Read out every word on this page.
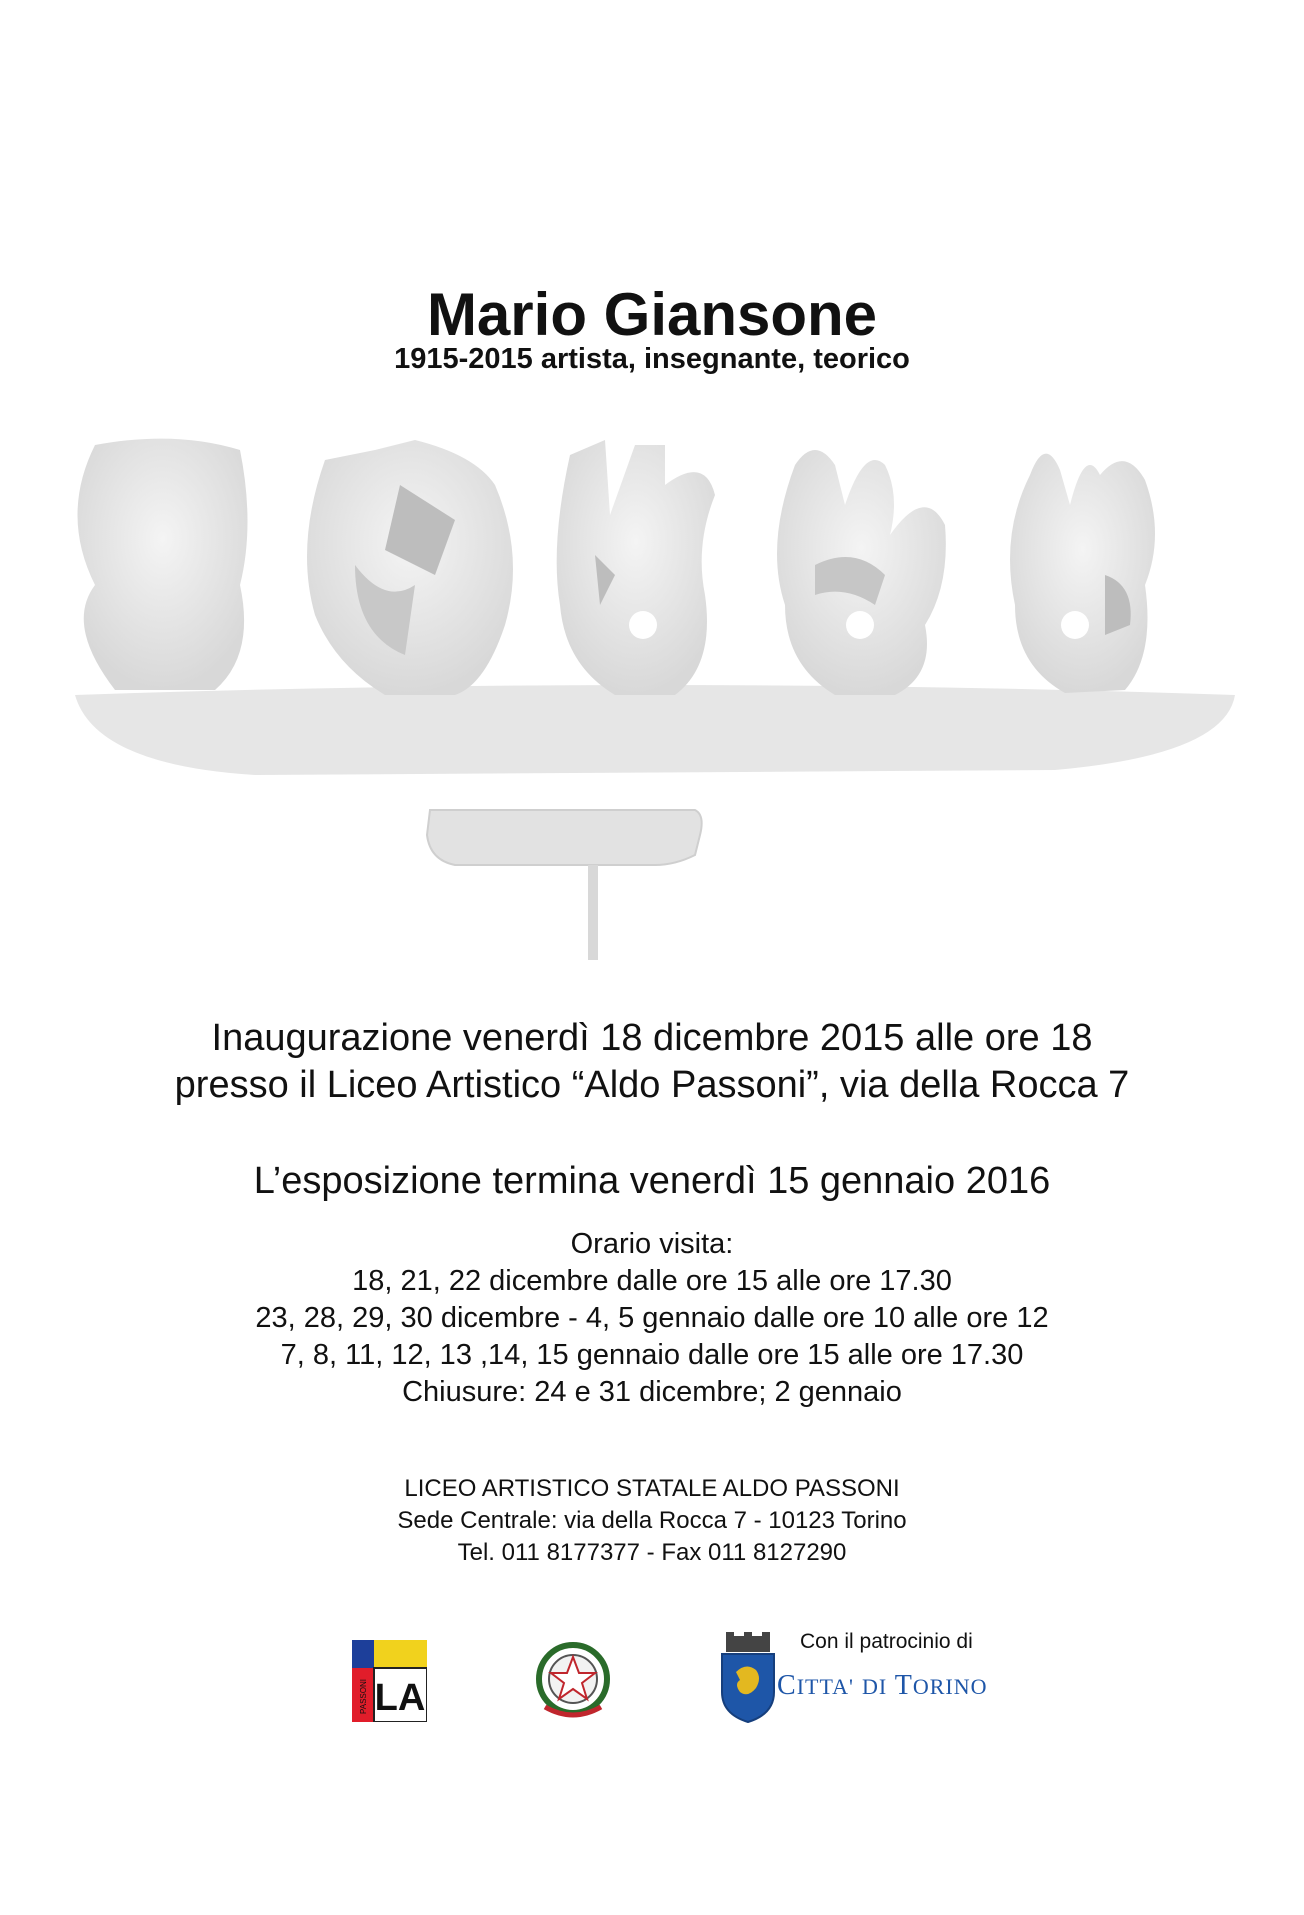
Mario Giansone
1915-2015 artista, insegnante, teorico
Inaugurazione venerdì 18 dicembre 2015 alle ore 18
presso il Liceo Artistico “Aldo Passoni”, via della Rocca 7
L’esposizione termina venerdì 15 gennaio 2016
Orario visita:
18, 21, 22 dicembre dalle ore 15 alle ore 17.30
23, 28, 29, 30 dicembre - 4, 5 gennaio dalle ore 10 alle ore 12
7, 8, 11, 12, 13 ,14, 15 gennaio dalle ore 15 alle ore 17.30
Chiusure: 24 e 31 dicembre; 2 gennaio
LICEO ARTISTICO STATALE ALDO PASSONI
Sede Centrale: via della Rocca 7 - 10123 Torino
Tel. 011 8177377 - Fax 011 8127290
LA
PASSONI
Con il patrocinio di
CITTA' DI TORINO
